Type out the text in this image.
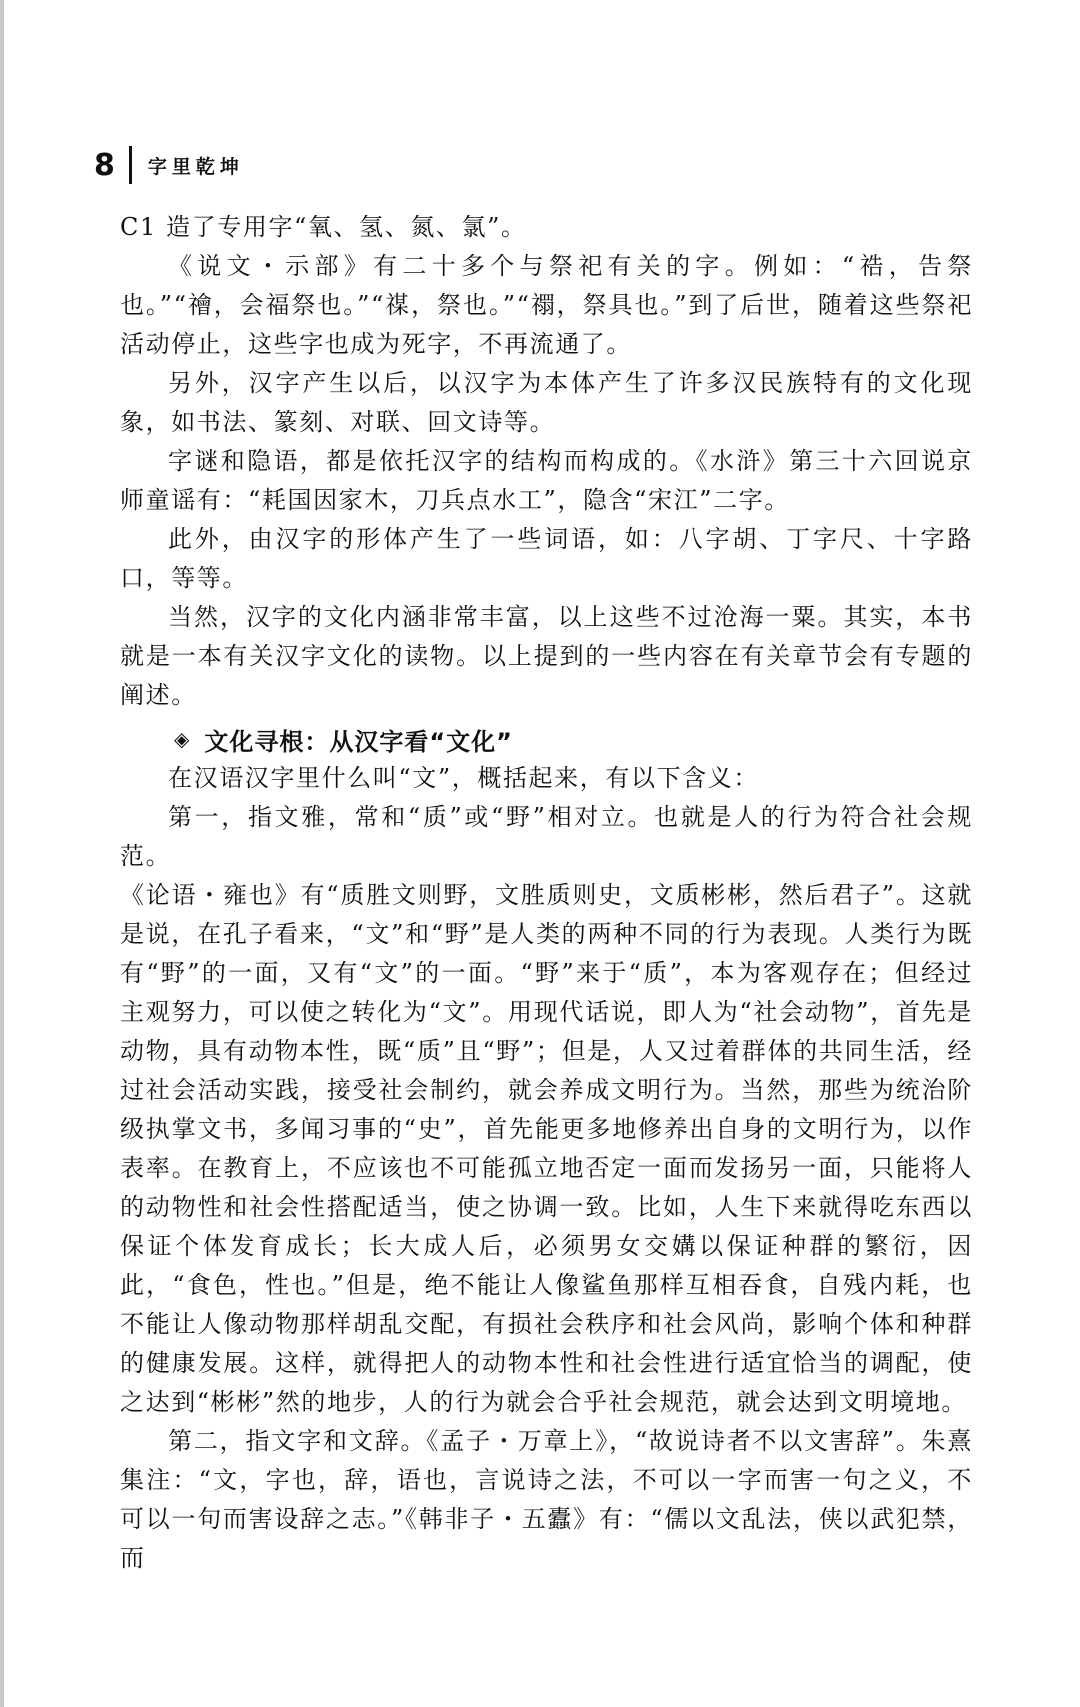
8 字里乾坤

C1 造了专用字“氧、氢、氮、氯”。

《说文・示部》有二十多个与祭祀有关的字。例如：“祰，告祭也。”“禬，会福祭也。”“禖，祭也。”“禤，祭具也。”到了后世，随着这些祭祀活动停止，这些字也成为死字，不再流通了。

另外，汉字产生以后，以汉字为本体产生了许多汉民族特有的文化现象，如书法、篆刻、对联、回文诗等。

字谜和隐语，都是依托汉字的结构而构成的。《水浒》第三十六回说京师童谣有：“耗国因家木，刀兵点水工”，隐含“宋江”二字。

此外，由汉字的形体产生了一些词语，如：八字胡、丁字尺、十字路口，等等。

当然，汉字的文化内涵非常丰富，以上这些不过沧海一粟。其实，本书就是一本有关汉字文化的读物。以上提到的一些内容在有关章节会有专题的阐述。

◈ 文化寻根：从汉字看“文化”

在汉语汉字里什么叫“文”，概括起来，有以下含义：

第一，指文雅，常和“质”或“野”相对立。也就是人的行为符合社会规范。

《论语・雍也》有“质胜文则野，文胜质则史，文质彬彬，然后君子”。这就是说，在孔子看来，“文”和“野”是人类的两种不同的行为表现。人类行为既有“野”的一面，又有“文”的一面。“野”来于“质”，本为客观存在；但经过主观努力，可以使之转化为“文”。用现代话说，即人为“社会动物”，首先是动物，具有动物本性，既“质”且“野”；但是，人又过着群体的共同生活，经过社会活动实践，接受社会制约，就会养成文明行为。当然，那些为统治阶级执掌文书，多闻习事的“史”，首先能更多地修养出自身的文明行为，以作表率。在教育上，不应该也不可能孤立地否定一面而发扬另一面，只能将人的动物性和社会性搭配适当，使之协调一致。比如，人生下来就得吃东西以保证个体发育成长；长大成人后，必须男女交媾以保证种群的繁衍，因此，“食色，性也。”但是，绝不能让人像鲨鱼那样互相吞食，自残内耗，也不能让人像动物那样胡乱交配，有损社会秩序和社会风尚，影响个体和种群的健康发展。这样，就得把人的动物本性和社会性进行适宜恰当的调配，使之达到“彬彬”然的地步，人的行为就会合乎社会规范，就会达到文明境地。

第二，指文字和文辞。《孟子・万章上》，“故说诗者不以文害辞”。朱熹集注：“文，字也，辞，语也，言说诗之法，不可以一字而害一句之义，不可以一句而害设辞之志。”《韩非子・五蠹》有：“儒以文乱法，侠以武犯禁，而
